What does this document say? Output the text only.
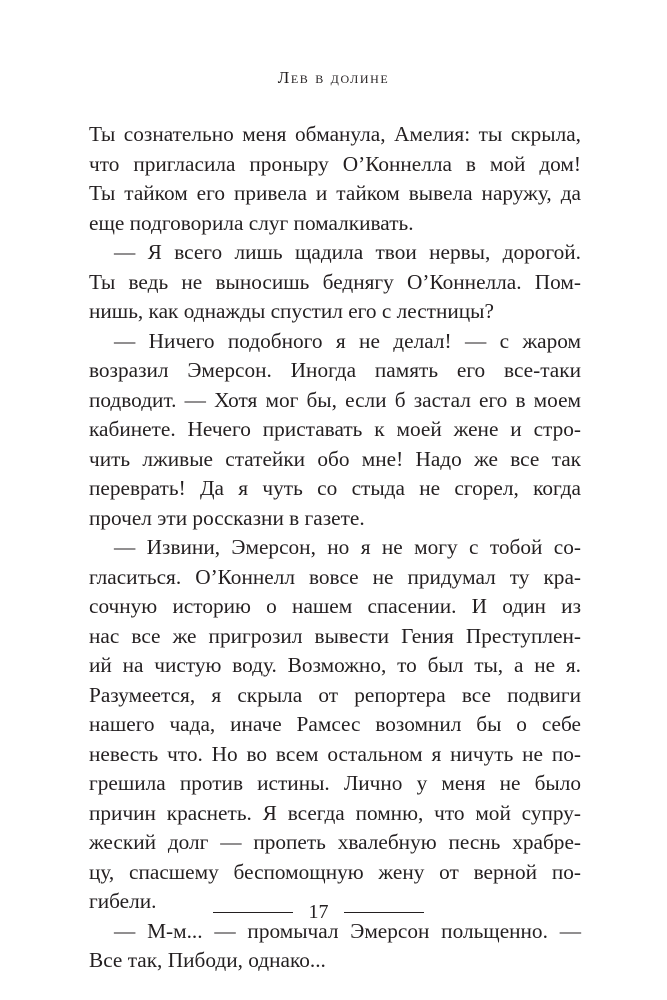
Лев в долине
Ты сознательно меня обманула, Амелия: ты скрыла,
что пригласила проныру О’Коннелла в мой дом!
Ты тайком его привела и тайком вывела наружу, да
еще подговорила слуг помалкивать.
— Я всего лишь щадила твои нервы, дорогой.
Ты ведь не выносишь беднягу О’Коннелла. Пом-
нишь, как однажды спустил его с лестницы?
— Ничего подобного я не делал! — с жаром
возразил Эмерсон. Иногда память его все-таки
подводит. — Хотя мог бы, если б застал его в моем
кабинете. Нечего приставать к моей жене и стро-
чить лживые статейки обо мне! Надо же все так
переврать! Да я чуть со стыда не сгорел, когда
прочел эти россказни в газете.
— Извини, Эмерсон, но я не могу с тобой со-
гласиться. О’Коннелл вовсе не придумал ту кра-
сочную историю о нашем спасении. И один из
нас все же пригрозил вывести Гения Преступлен-
ий на чистую воду. Возможно, то был ты, а не я.
Разумеется, я скрыла от репортера все подвиги
нашего чада, иначе Рамсес возомнил бы о себе
невесть что. Но во всем остальном я ничуть не по-
грешила против истины. Лично у меня не было
причин краснеть. Я всегда помню, что мой супру-
жеский долг — пропеть хвалебную песнь храбре-
цу, спасшему беспомощную жену от верной по-
гибели.
— М-м... — промычал Эмерсон польщенно. —
Все так, Пибоди, однако...
17
